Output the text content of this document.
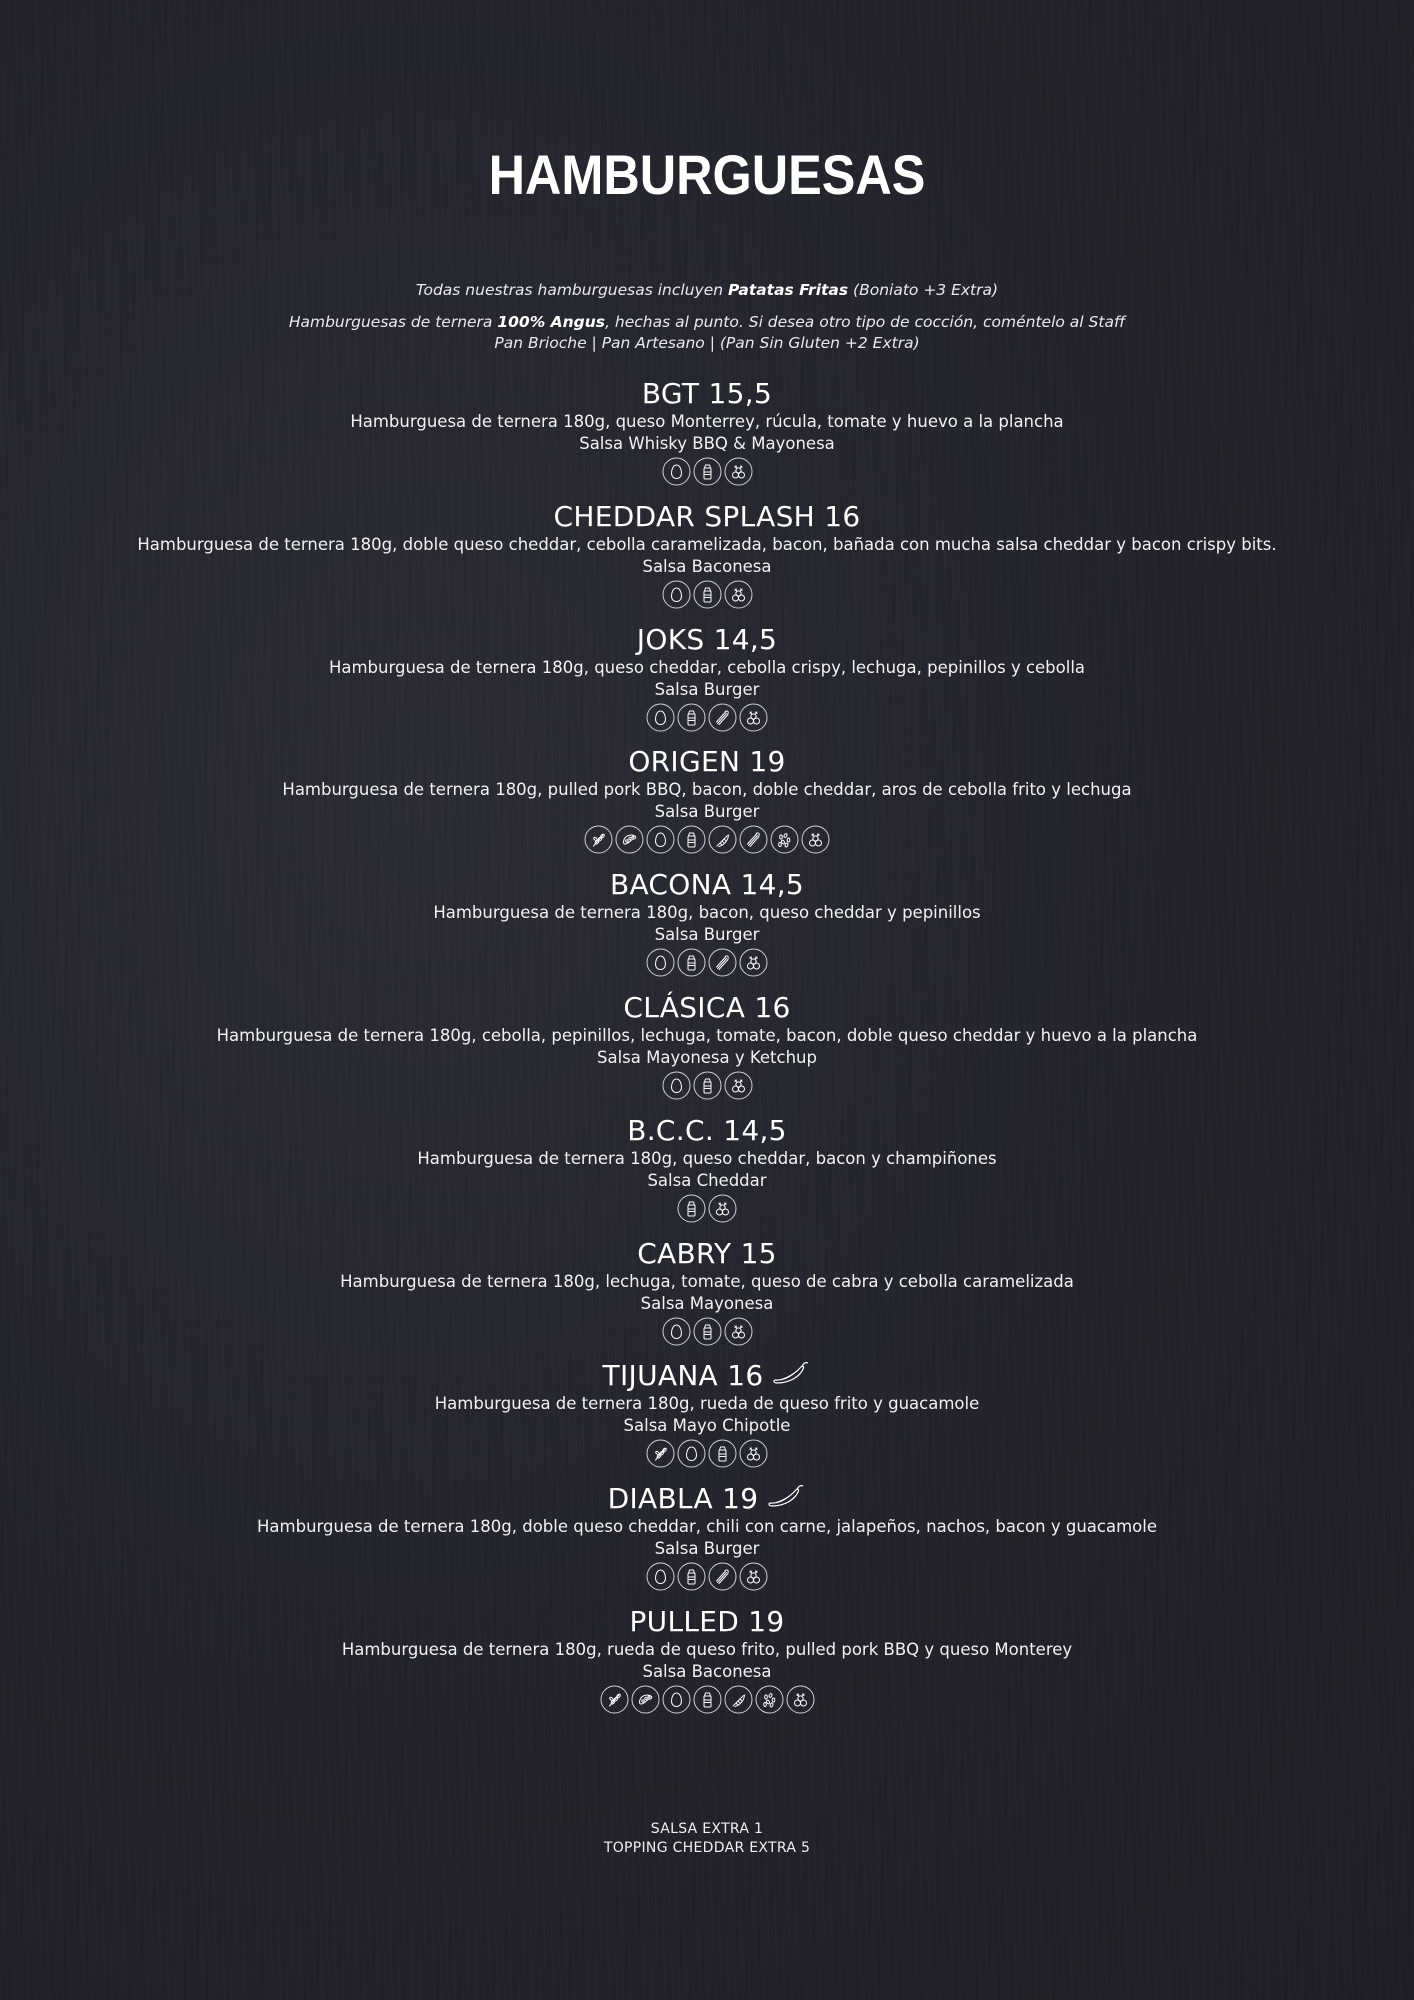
HAMBURGUESAS
Todas nuestras hamburguesas incluyen Patatas Fritas (Boniato +3 Extra)
Hamburguesas de ternera 100% Angus, hechas al punto. Si desea otro tipo de cocción, coméntelo al Staff
Pan Brioche | Pan Artesano | (Pan Sin Gluten +2 Extra)
BGT 15,5
Hamburguesa de ternera 180g, queso Monterrey, rúcula, tomate y huevo a la plancha
Salsa Whisky BBQ & Mayonesa
CHEDDAR SPLASH 16
Hamburguesa de ternera 180g, doble queso cheddar, cebolla caramelizada, bacon, bañada con mucha salsa cheddar y bacon crispy bits.
Salsa Baconesa
JOKS 14,5
Hamburguesa de ternera 180g, queso cheddar, cebolla crispy, lechuga, pepinillos y cebolla
Salsa Burger
ORIGEN 19
Hamburguesa de ternera 180g, pulled pork BBQ, bacon, doble cheddar, aros de cebolla frito y lechuga
Salsa Burger
BACONA 14,5
Hamburguesa de ternera 180g, bacon, queso cheddar y pepinillos
Salsa Burger
CLÁSICA 16
Hamburguesa de ternera 180g, cebolla, pepinillos, lechuga, tomate, bacon, doble queso cheddar y huevo a la plancha
Salsa Mayonesa y Ketchup
B.C.C. 14,5
Hamburguesa de ternera 180g, queso cheddar, bacon y champiñones
Salsa Cheddar
CABRY 15
Hamburguesa de ternera 180g, lechuga, tomate, queso de cabra y cebolla caramelizada
Salsa Mayonesa
TIJUANA 16
Hamburguesa de ternera 180g, rueda de queso frito y guacamole
Salsa Mayo Chipotle
DIABLA 19
Hamburguesa de ternera 180g, doble queso cheddar, chili con carne, jalapeños, nachos, bacon y guacamole
Salsa Burger
PULLED 19
Hamburguesa de ternera 180g, rueda de queso frito, pulled pork BBQ y queso Monterey
Salsa Baconesa
SALSA EXTRA 1
TOPPING CHEDDAR EXTRA 5
